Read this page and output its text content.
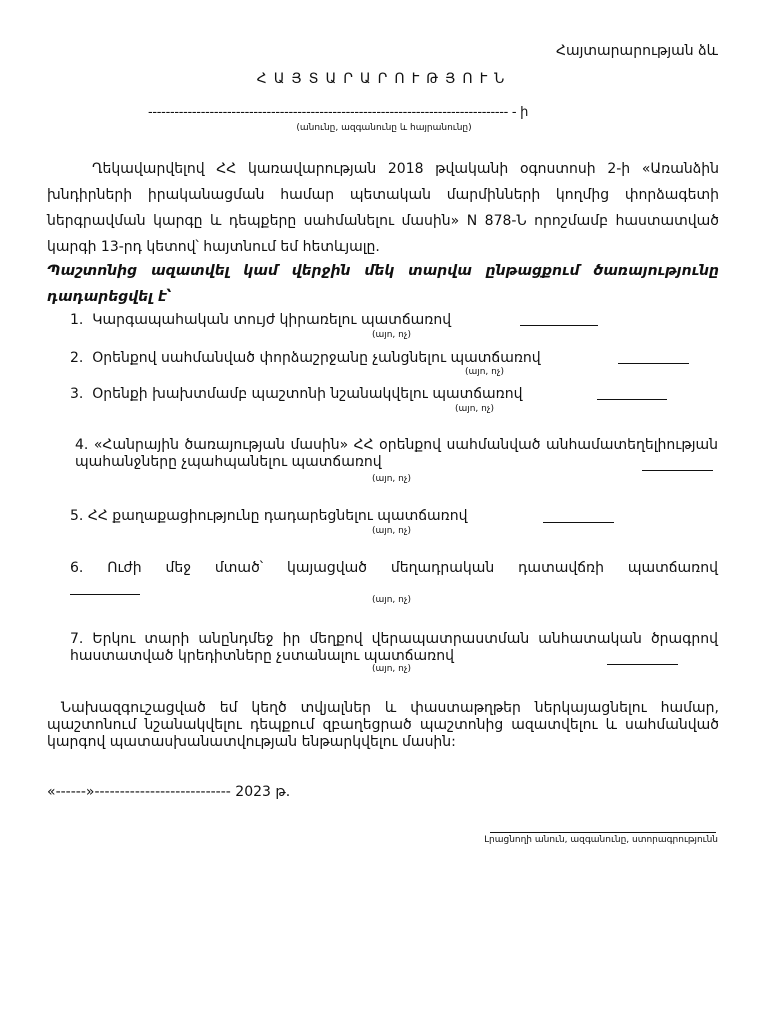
Հայտարարության ձև
ՀԱՅՏԱՐԱՐՈՒԹՅՈՒՆ
---------------------------------------------------------------------------------- - ի
(անունը, ազգանունը և հայրանունը)

Ղեկավարվելով ՀՀ կառավարության 2018 թվականի օգոստոսի 2-ի «Առանձին խնդիրների իրականացման համար պետական մարմինների կողմից փորձագետի ներգրավման կարգը և դեպքերը սահմանելու մասին» N 878-Ն որոշմամբ հաստատված կարգի 13-րդ կետով՝ հայտնում եմ հետևյալը.

Պաշտոնից ազատվել կամ վերջին մեկ տարվա ընթացքում ծառայությունը դադարեցվել է՝

1. Կարգապահական տույժ կիրառելու պատճառով
(այո, ոչ)
2. Օրենքով սահմանված փորձաշրջանը չանցնելու պատճառով
(այո, ոչ)
3. Օրենքի խախտմամբ պաշտոնի նշանակվելու պատճառով
(այո, ոչ)

4. «Հանրային ծառայության մասին» ՀՀ օրենքով սահմանված անհամատեղելիության պահանջները չպահպանելու պատճառով

(այո, ոչ)
5. ՀՀ քաղաքացիությունը դադարեցնելու պատճառով
(այո, ոչ)

6. Ուժի մեջ մտած՝ կայացված մեղադրական դատավճռի պատճառով

(այո, ոչ)

7. Երկու տարի անընդմեջ իր մեղքով վերապատրաստման անհատական ծրագրով հաստատված կրեդիտները չստանալու պատճառով

(այո, ոչ)

Նախազգուշացված եմ կեղծ տվյալներ և փաստաթղթեր ներկայացնելու համար, պաշտոնում նշանակվելու դեպքում զբաղեցրած պաշտոնից ազատվելու և սահմանված կարգով պատասխանատվության ենթարկվելու մասին:

«------»--------------------------- 2023 թ.
Լրացնողի անուն, ազգանունը, ստորագրությունն
